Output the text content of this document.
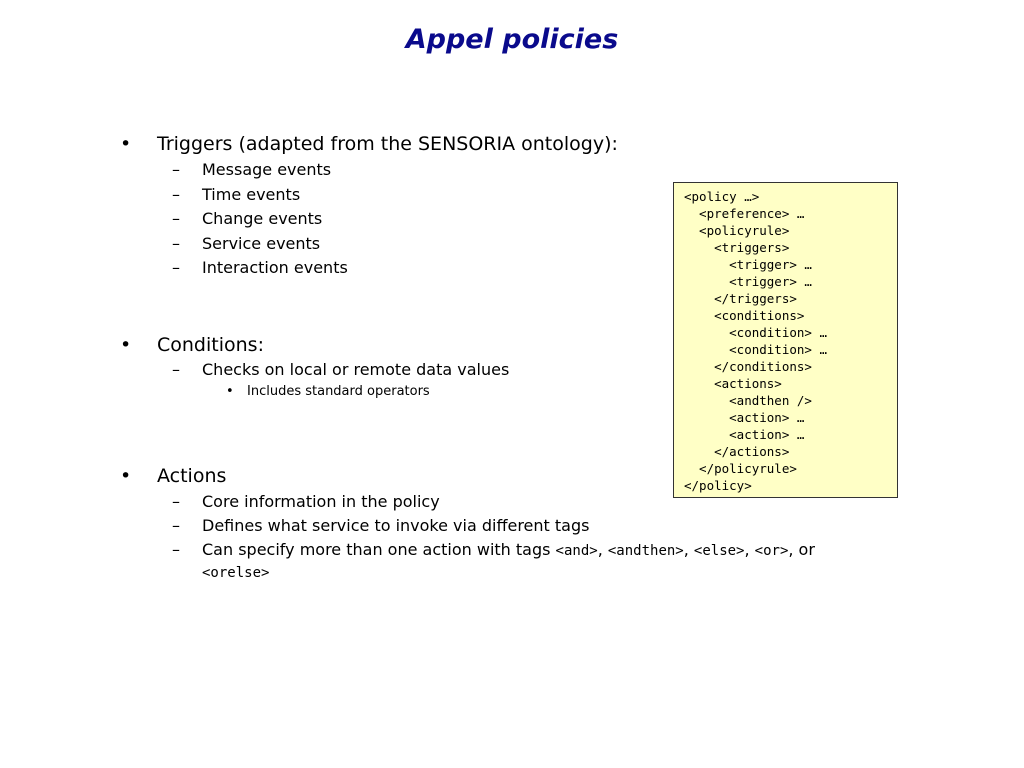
Appel policies
• Triggers (adapted from the SENSORIA ontology):
– Message events
– Time events
– Change events
– Service events
– Interaction events
• Conditions:
– Checks on local or remote data values
• Includes standard operators
• Actions
– Core information in the policy
– Defines what service to invoke via different tags
– Can specify more than one action with tags <and>, <andthen>, <else>, <or>, or
<orelse>
<policy …>
<preference> …
<policyrule>
<triggers>
<trigger> …
<trigger> …
</triggers>
<conditions>
<condition> …
<condition> …
</conditions>
<actions>
<andthen />
<action> …
<action> …
</actions>
</policyrule>
</policy>
